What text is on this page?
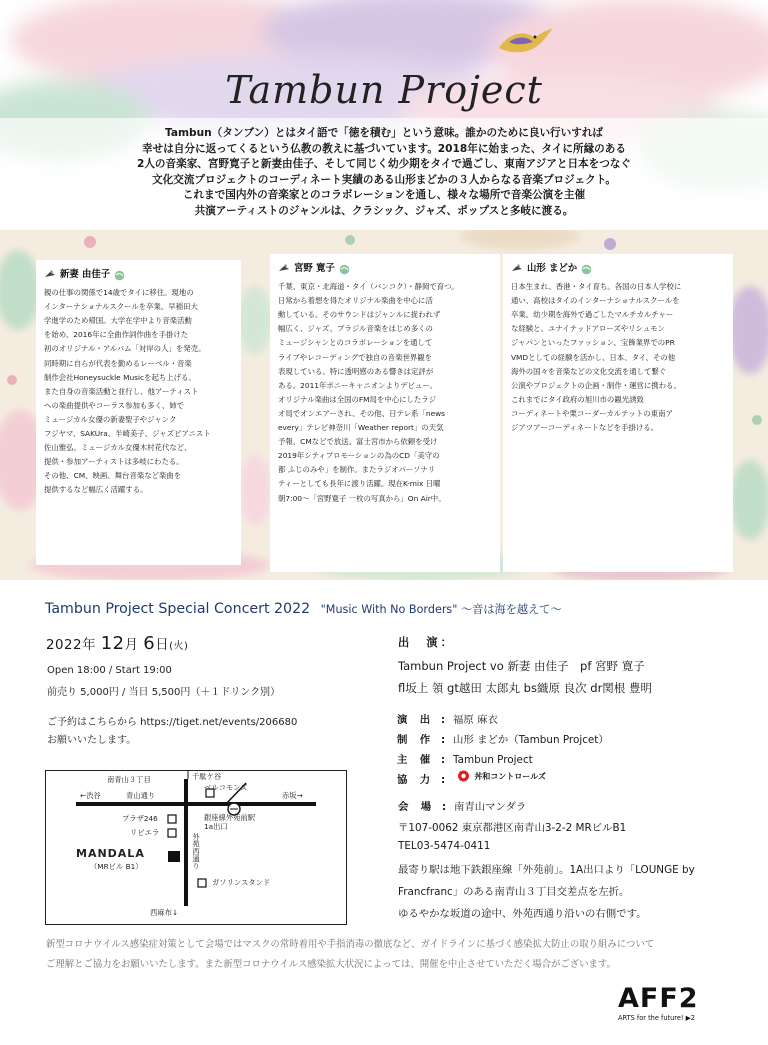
Tambun Project
Tambun（タンブン）とはタイ語で「徳を積む」という意味。誰かのために良い行いすれば
幸せは自分に返ってくるという仏教の教えに基づいています。2018年に始まった、タイに所縁のある
2人の音楽家、宮野寛子と新妻由佳子、そして同じく幼少期をタイで過ごし、東南アジアと日本をつなぐ
文化交流プロジェクトのコーディネート実績のある山形まどかの３人からなる音楽プロジェクト。
これまで国内外の音楽家とのコラボレーションを通し、様々な場所で音楽公演を主催
共演アーティストのジャンルは、クラシック、ジャズ、ポップスと多岐に渡る。
新妻 由佳子
親の仕事の関係で14歳でタイに移住。現地の
インターナショナルスクールを卒業。早稲田大
学進学のため帰国。大学在学中より音楽活動
を始め、2016年に全曲作詞作曲を手掛けた
初のオリジナル・アルバム「対岸の人」を発売。
同時期に自らが代表を勤めるレーベル・音楽
制作会社Honeysuckle Musicを起ち上げる。
また自身の音楽活動と並行し、他アーティスト
への楽曲提供やコーラス参加も多く、姉で
ミュージカル女優の新妻聖子やジャンク
フジヤマ、SAKUra、半崎美子、ジャズピアニスト
佐山雅弘、ミュージカル女優木村花代など、
提供・参加アーティストは多岐にわたる。
その他、CM、映画、舞台音楽など楽曲を
提供するなど幅広く活躍する。
宮野 寛子
千葉、東京・北海道・タイ（バンコク）・静岡で育つ。
日常から着想を得たオリジナル楽曲を中心に活
動している。そのサウンドはジャンルに捉われず
幅広く、ジャズ、ブラジル音楽をはじめ多くの
ミュージシャンとのコラボレーションを通して
ライブやレコーディングで独自の音楽世界観を
表現している。特に透明感のある響きは定評が
ある。2011年ポニーキャニオンよりデビュー。
オリジナル楽曲は全国のFM局を中心にしたラジ
オ局でオンエアーされ、その他、日テレ系「news
every」テレビ神奈川「Weather report」の天気
予報、CMなどで放送。富士宮市から依頼を受け
2019年シティプロモーションの為のCD「美守の
都 ふじのみや」を制作。またラジオパーソナリ
ティーとしても長年に渡り活躍。現在K-mix 日曜
朝7:00～「宮野寛子 一枚の写真から」On Air中。
山形 まどか
日本生まれ、香港・タイ育ち。各国の日本人学校に
通い、高校はタイのインターナショナルスクールを
卒業。幼少期を海外で過ごしたマルチカルチャー
な経験と、ユナイテッドアローズやリシュモン
ジャパンといったファッション、宝飾業界でのPR
VMDとしての経験を活かし、日本、タイ、その他
海外の国々を音楽などの文化交流を通して繋ぐ
公演やプロジェクトの企画・制作・運営に携わる。
これまでにタイ政府の旭川市の観光誘致
コーディネートや栗コーダーカルテットの東南ア
ジアツアーコーディネートなどを手掛ける。
Tambun Project Special Concert 2022 "Music With No Borders" 〜音は海を越えて〜
2022年 12月 6日(火)
Open 18:00 / Start 19:00
前売り 5,000円 / 当日 5,500円（＋１ドリンク別）
ご予約はこちらから https://tiget.net/events/206680
お願いいたします。
南青山３丁目	千駄ケ谷
ベルコモンズ
←渋谷	青山通り	赤坂→
銀座線外苑前駅
1a出口
プラザ246
リビエラ
MANDALA
（MRビル B1）	外苑西通り
ガソリンスタンド
西麻布↓
出　演：
Tambun Project vo 新妻 由佳子　pf 宮野 寛子
fl坂上 領 gt越田 太郎丸 bs織原 良次 dr関根 豊明
演　出 : 福原 麻衣
制　作 : 山形 まどか（Tambun Projcet）
主　催 : Tambun Project
協　力 :	丼和コントロールズ
会　場 : 南青山マンダラ
〒107-0062 東京都港区南青山3-2-2 MRビルB1
TEL03-5474-0411
最寄り駅は地下鉄銀座線「外苑前」。1A出口より「LOUNGE by
Francfranc」のある南青山３丁目交差点を左折。
ゆるやかな坂道の途中、外苑西通り沿いの右側です。
新型コロナウイルス感染症対策として会場ではマスクの常時着用や手指消毒の徹底など、ガイドラインに基づく感染拡大防止の取り組みについて
ご理解とご協力をお願いいたします。また新型コロナウイルス感染拡大状況によっては、開催を中止させていただく場合がございます。
AFF2
ARTS for the future! ▶2
